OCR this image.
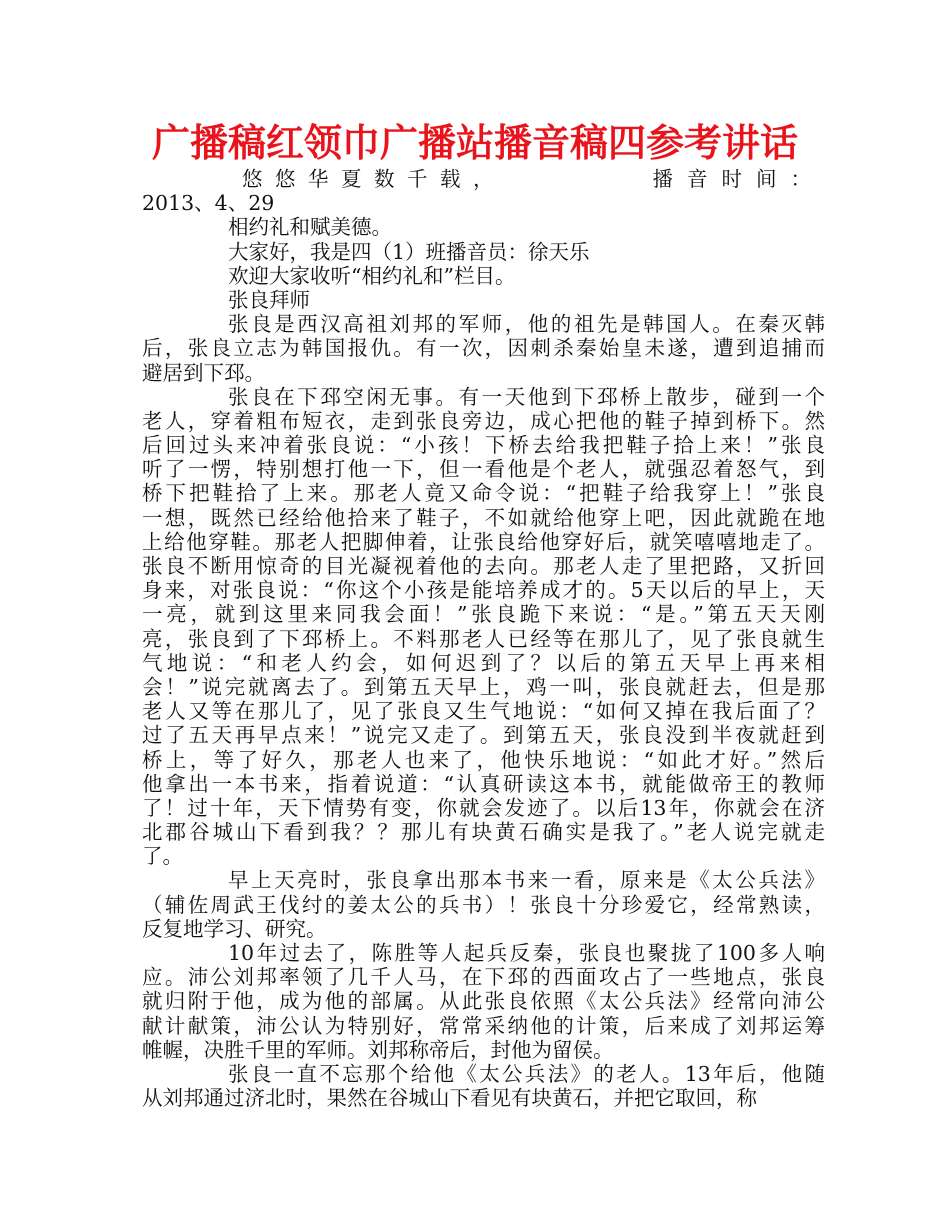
广播稿红领巾广播站播音稿四参考讲话
悠悠华夏数千载，	播音时间：
2013、4、29
相约礼和赋美德。
大家好，我是四（1）班播音员：徐天乐
欢迎大家收听“相约礼和”栏目。
张良拜师
张良是西汉高祖刘邦的军师，他的祖先是韩国人。在秦灭韩
后，张良立志为韩国报仇。有一次，因刺杀秦始皇未遂，遭到追捕而
避居到下邳。
张良在下邳空闲无事。有一天他到下邳桥上散步，碰到一个
老人，穿着粗布短衣，走到张良旁边，成心把他的鞋子掉到桥下。然
后回过头来冲着张良说：“小孩！下桥去给我把鞋子拾上来！”张良
听了一愣，特别想打他一下，但一看他是个老人，就强忍着怒气，到
桥下把鞋拾了上来。那老人竟又命令说：“把鞋子给我穿上！”张良
一想，既然已经给他拾来了鞋子，不如就给他穿上吧，因此就跪在地
上给他穿鞋。那老人把脚伸着，让张良给他穿好后，就笑嘻嘻地走了。
张良不断用惊奇的目光凝视着他的去向。那老人走了里把路，又折回
身来，对张良说：“你这个小孩是能培养成才的。5天以后的早上，天
一亮，就到这里来同我会面！”张良跪下来说：“是。”第五天天刚
亮，张良到了下邳桥上。不料那老人已经等在那儿了，见了张良就生
气地说：“和老人约会，如何迟到了？以后的第五天早上再来相
会！”说完就离去了。到第五天早上，鸡一叫，张良就赶去，但是那
老人又等在那儿了，见了张良又生气地说：“如何又掉在我后面了？
过了五天再早点来！”说完又走了。到第五天，张良没到半夜就赶到
桥上，等了好久，那老人也来了，他快乐地说：“如此才好。”然后
他拿出一本书来，指着说道：“认真研读这本书，就能做帝王的教师
了！过十年，天下情势有变，你就会发迹了。以后13年，你就会在济
北郡谷城山下看到我？？那儿有块黄石确实是我了。”老人说完就走
了。
早上天亮时，张良拿出那本书来一看，原来是《太公兵法》
（辅佐周武王伐纣的姜太公的兵书）！张良十分珍爱它，经常熟读，
反复地学习、研究。
10年过去了，陈胜等人起兵反秦，张良也聚拢了100多人响
应。沛公刘邦率领了几千人马，在下邳的西面攻占了一些地点，张良
就归附于他，成为他的部属。从此张良依照《太公兵法》经常向沛公
献计献策，沛公认为特别好，常常采纳他的计策，后来成了刘邦运筹
帷幄，决胜千里的军师。刘邦称帝后，封他为留侯。
张良一直不忘那个给他《太公兵法》的老人。13年后，他随
从刘邦通过济北时，果然在谷城山下看见有块黄石，并把它取回，称
